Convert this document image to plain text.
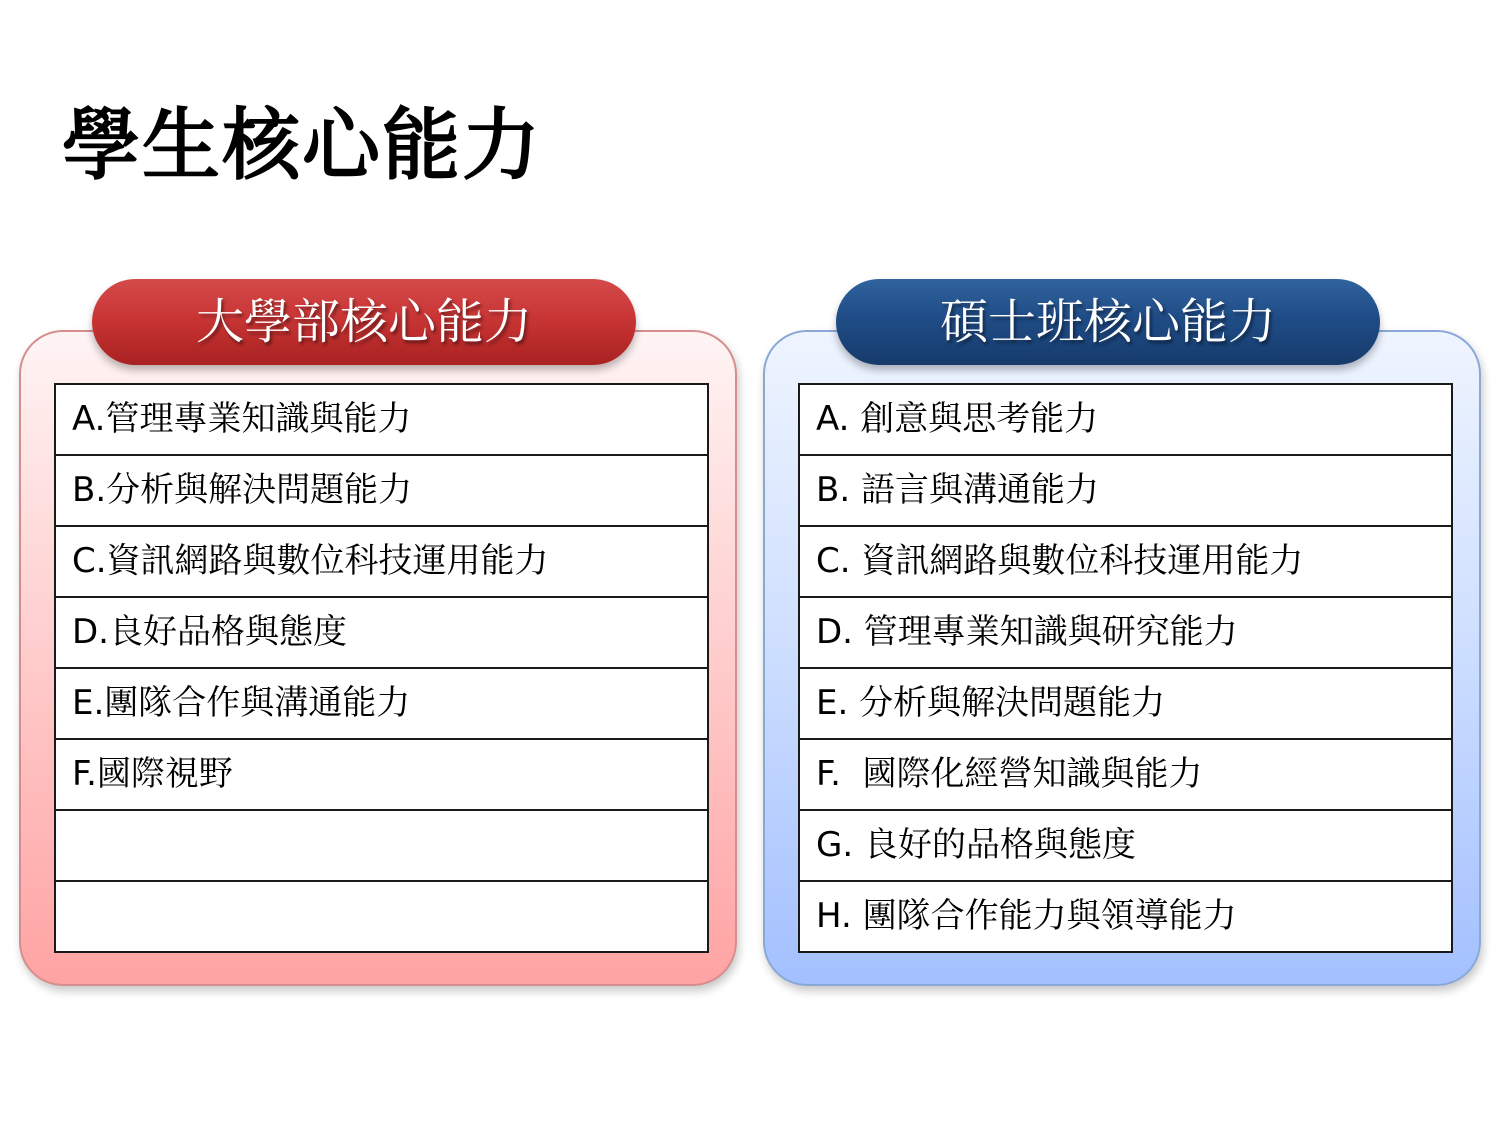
學生核心能力
大學部核心能力
A.管理專業知識與能力
B.分析與解決問題能力
C.資訊網路與數位科技運用能力
D.良好品格與態度
E.團隊合作與溝通能力
F.國際視野
碩士班核心能力
A. 創意與思考能力
B. 語言與溝通能力
C. 資訊網路與數位科技運用能力
D. 管理專業知識與研究能力
E. 分析與解決問題能力
F.  國際化經營知識與能力
G. 良好的品格與態度
H. 團隊合作能力與領導能力
